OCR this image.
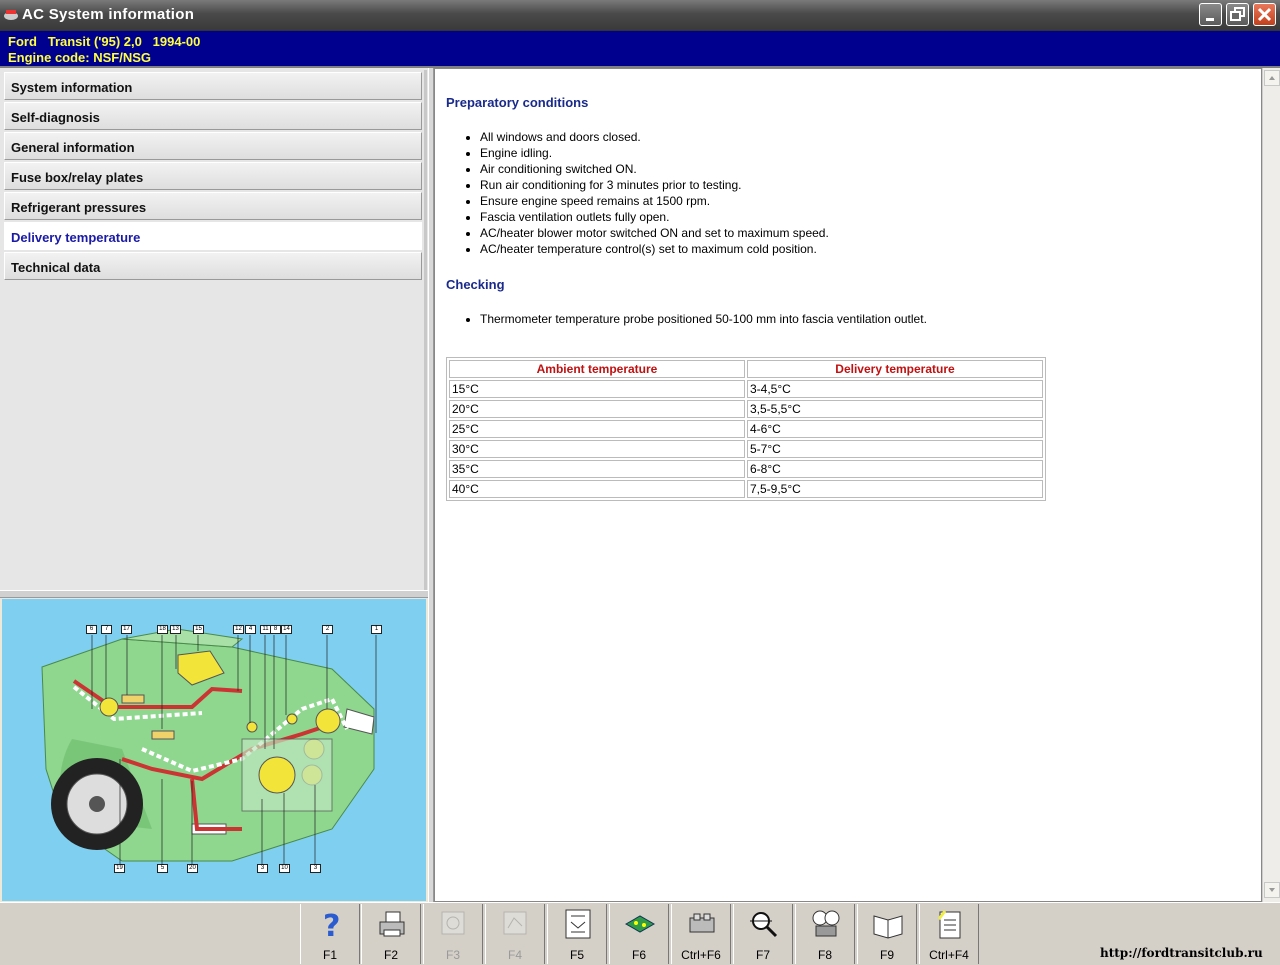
AC System information
Ford   Transit ('95) 2,0   1994-00
Engine code: NSF/NSG
System information
Self-diagnosis
General information
Fuse box/relay plates
Refrigerant pressures
Delivery temperature
Technical data
6	7	17	18	13	15	12	4	11 8 14	2	1
19	5	20	3	10	3
Preparatory conditions
• All windows and doors closed.
• Engine idling.
• Air conditioning switched ON.
• Run air conditioning for 3 minutes prior to testing.
• Ensure engine speed remains at 1500 rpm.
• Fascia ventilation outlets fully open.
• AC/heater blower motor switched ON and set to maximum speed.
• AC/heater temperature control(s) set to maximum cold position.
Checking
• Thermometer temperature probe positioned 50-100 mm into fascia ventilation outlet.
Ambient temperature	Delivery temperature
15°C	3-4,5°C
20°C	3,5-5,5°C
25°C	4-6°C
30°C	5-7°C
35°C	6-8°C
40°C	7,5-9,5°C
?
F1	F2	F3	F4	F5	F6	Ctrl+F6	F7	F8	F9	Ctrl+F4	http://fordtransitclub.ru
